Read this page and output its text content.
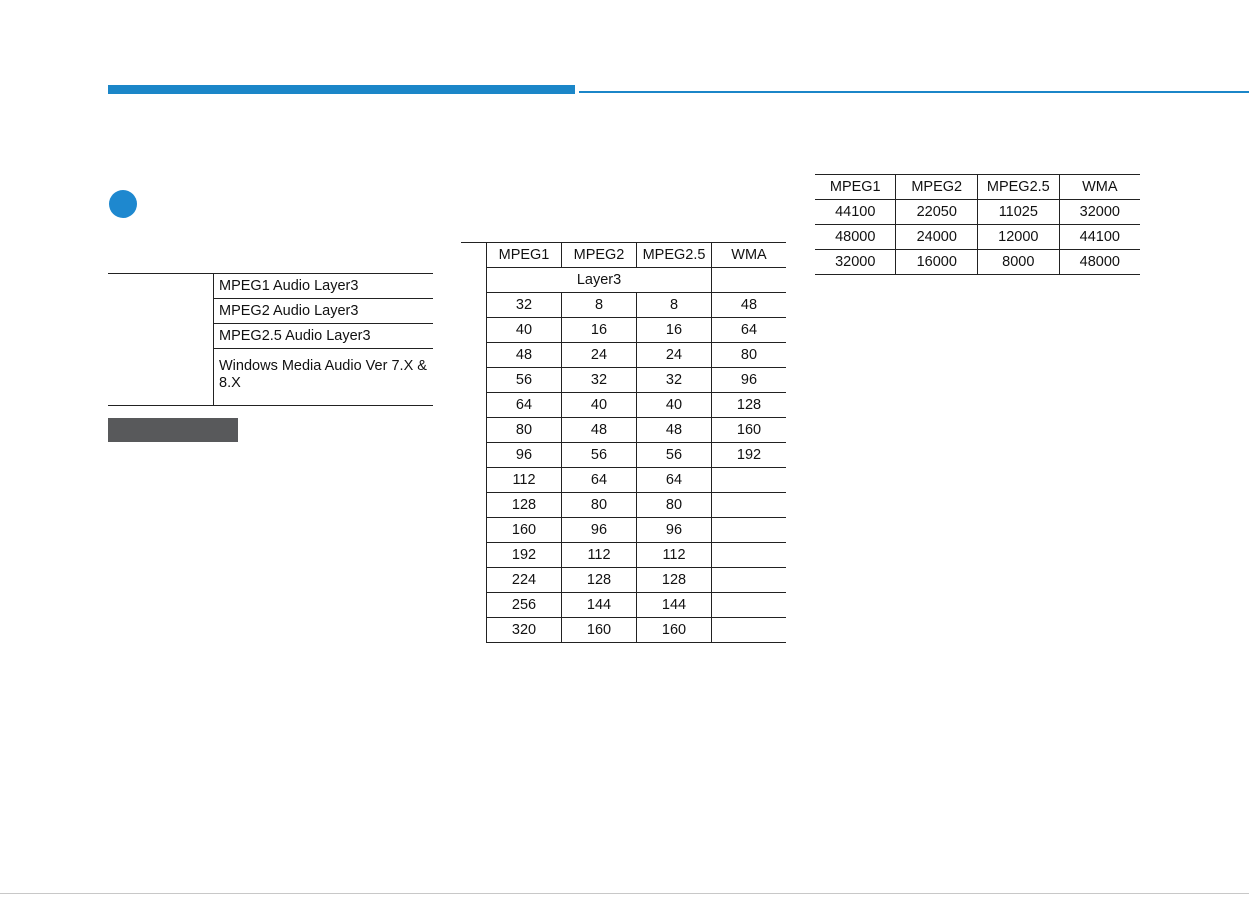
	MPEG1 Audio Layer3
MPEG2 Audio Layer3
MPEG2.5 Audio Layer3
Windows Media Audio Ver 7.X & 8.X
	MPEG1	MPEG2	MPEG2.5	WMA
	Layer3			
	32	8	8	48
	40	16	16	64
	48	24	24	80
	56	32	32	96
	64	40	40	128
	80	48	48	160
	96	56	56	192
	112	64	64	
	128	80	80	
	160	96	96	
	192	112	112	
	224	128	128	
	256	144	144	
	320	160	160	
MPEG1	MPEG2	MPEG2.5	WMA
44100	22050	11025	32000
48000	24000	12000	44100
32000	16000	8000	48000
